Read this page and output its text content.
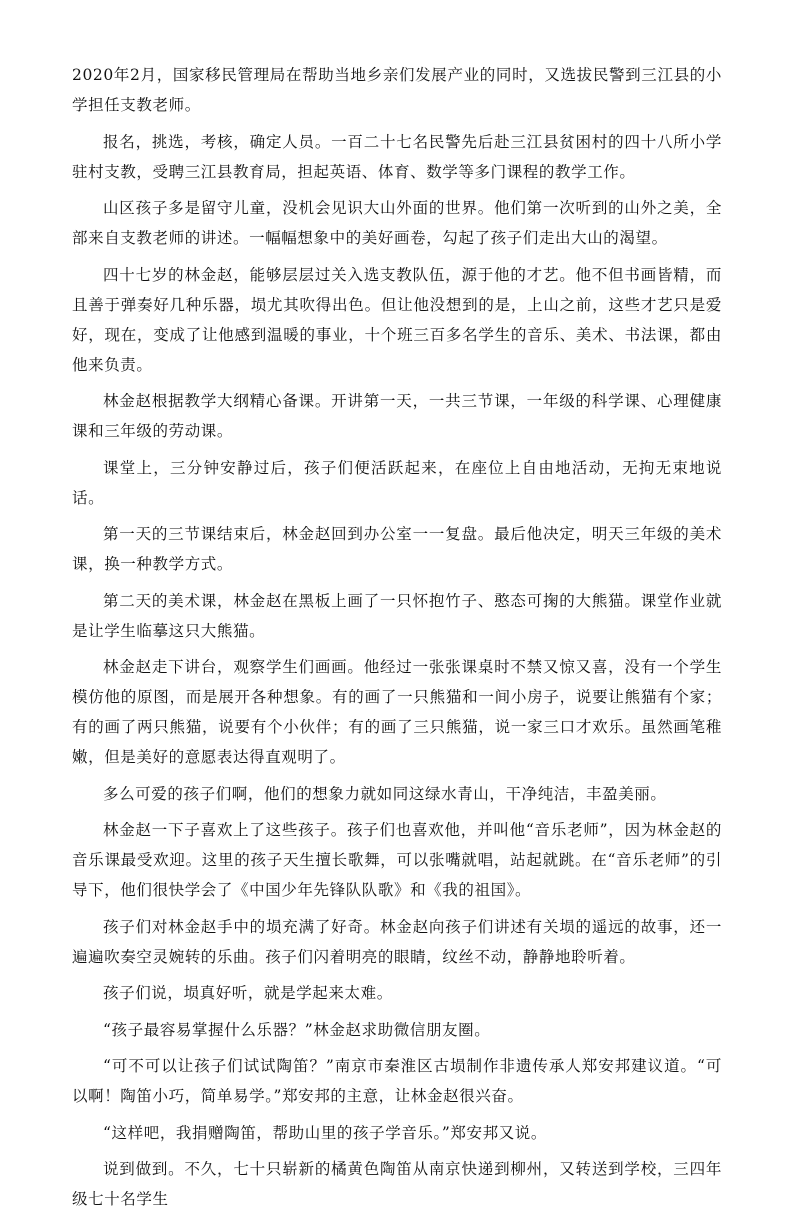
2020年2月，国家移民管理局在帮助当地乡亲们发展产业的同时，又选拔民警到三江县的小学担任支教老师。

报名，挑选，考核，确定人员。一百二十七名民警先后赴三江县贫困村的四十八所小学驻村支教，受聘三江县教育局，担起英语、体育、数学等多门课程的教学工作。

山区孩子多是留守儿童，没机会见识大山外面的世界。他们第一次听到的山外之美，全部来自支教老师的讲述。一幅幅想象中的美好画卷，勾起了孩子们走出大山的渴望。

四十七岁的林金赵，能够层层过关入选支教队伍，源于他的才艺。他不但书画皆精，而且善于弹奏好几种乐器，埙尤其吹得出色。但让他没想到的是，上山之前，这些才艺只是爱好，现在，变成了让他感到温暖的事业，十个班三百多名学生的音乐、美术、书法课，都由他来负责。

林金赵根据教学大纲精心备课。开讲第一天，一共三节课，一年级的科学课、心理健康课和三年级的劳动课。

课堂上，三分钟安静过后，孩子们便活跃起来，在座位上自由地活动，无拘无束地说话。

第一天的三节课结束后，林金赵回到办公室一一复盘。最后他决定，明天三年级的美术课，换一种教学方式。

第二天的美术课，林金赵在黑板上画了一只怀抱竹子、憨态可掬的大熊猫。课堂作业就是让学生临摹这只大熊猫。

林金赵走下讲台，观察学生们画画。他经过一张张课桌时不禁又惊又喜，没有一个学生模仿他的原图，而是展开各种想象。有的画了一只熊猫和一间小房子，说要让熊猫有个家；有的画了两只熊猫，说要有个小伙伴；有的画了三只熊猫，说一家三口才欢乐。虽然画笔稚嫩，但是美好的意愿表达得直观明了。

多么可爱的孩子们啊，他们的想象力就如同这绿水青山，干净纯洁，丰盈美丽。

林金赵一下子喜欢上了这些孩子。孩子们也喜欢他，并叫他“音乐老师”，因为林金赵的音乐课最受欢迎。这里的孩子天生擅长歌舞，可以张嘴就唱，站起就跳。在“音乐老师”的引导下，他们很快学会了《中国少年先锋队队歌》和《我的祖国》。

孩子们对林金赵手中的埙充满了好奇。林金赵向孩子们讲述有关埙的遥远的故事，还一遍遍吹奏空灵婉转的乐曲。孩子们闪着明亮的眼睛，纹丝不动，静静地聆听着。

孩子们说，埙真好听，就是学起来太难。

“孩子最容易掌握什么乐器？”林金赵求助微信朋友圈。

“可不可以让孩子们试试陶笛？”南京市秦淮区古埙制作非遗传承人郑安邦建议道。“可以啊！陶笛小巧，简单易学。”郑安邦的主意，让林金赵很兴奋。

“这样吧，我捐赠陶笛，帮助山里的孩子学音乐。”郑安邦又说。

说到做到。不久，七十只崭新的橘黄色陶笛从南京快递到柳州，又转送到学校，三四年级七十名学生
